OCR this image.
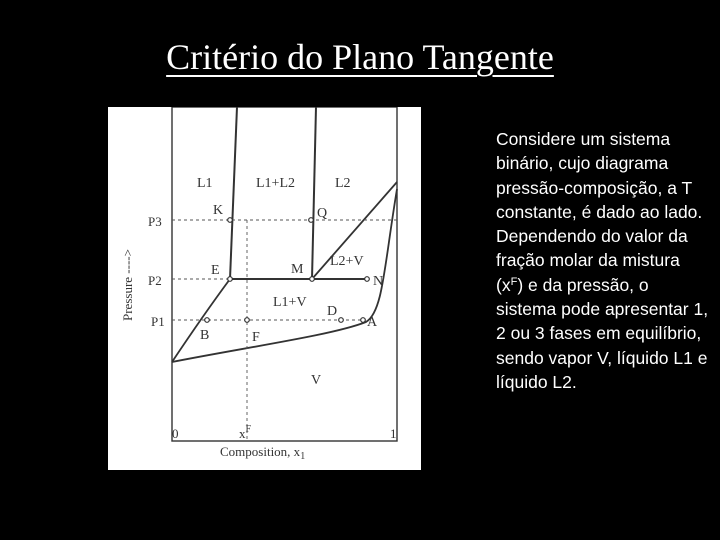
Critério do Plano Tangente
L1	L1+L2	L2
L2+V
L1+V
V
K	Q
E	M
N
D
A
B	F
P3
P2
P1
Pressure ---->
0	$x^F$	1
Composition, $x_1$
Considere um sistema binário, cujo diagrama pressão-composição, a T constante, é dado ao lado. Dependendo do valor da fração molar da mistura $(x^F)$ e da pressão, o sistema pode apresentar 1, 2 ou 3 fases em equilíbrio, sendo vapor V, líquido L1 e líquido L2.
